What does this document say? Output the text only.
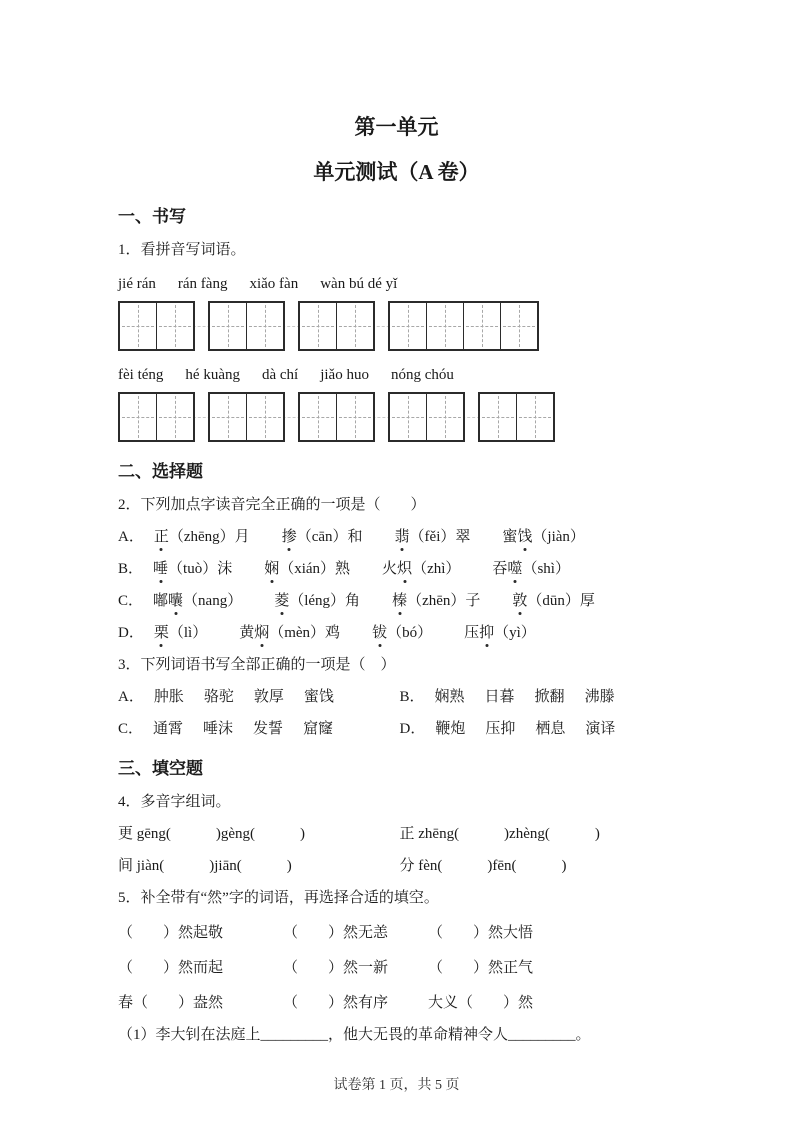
第一单元
单元测试（A 卷）
一、书写
1．看拼音写词语。
jié rán rán fàng xiǎo fàn wàn bú dé yǐ
fèi téng hé kuàng dà chí jiǎo huo nóng chóu
二、选择题
2．下列加点字读音完全正确的一项是（　　）
A． 正（zhēng）月 掺（cān）和 翡（fěi）翠 蜜饯（jiàn）
B． 唾（tuò）沫 娴（xián）熟 火炽（zhì） 吞噬（shì）
C． 嘟囔（nang） 菱（léng）角 榛（zhēn）子 敦（dūn）厚
D． 栗（lì） 黄焖（mèn）鸡 钹（bó） 压抑（yì）
3．下列词语书写全部正确的一项是（　）
A． 肿胀 骆驼 敦厚 蜜饯	B． 娴熟 日暮 掀翻 沸滕
C． 通霄 唾沫 发誓 窟窿	D． 鞭炮 压抑 栖息 演译
三、填空题
4．多音字组词。
更 gēng(　　　)gèng(　　　)	正 zhēng(　　　)zhèng(　　　)
间 jiàn(　　　)jiān(　　　)	分 fèn(　　　)fēn(　　　)
5．补全带有“然”字的词语，再选择合适的填空。
（　　）然起敬	（　　）然无恙	（　　）然大悟
（　　）然而起	（　　）然一新	（　　）然正气
春（　　）盎然	（　　）然有序	大义（　　）然
（1）李大钊在法庭上_________，他大无畏的革命精神令人_________。
试卷第 1 页，共 5 页
